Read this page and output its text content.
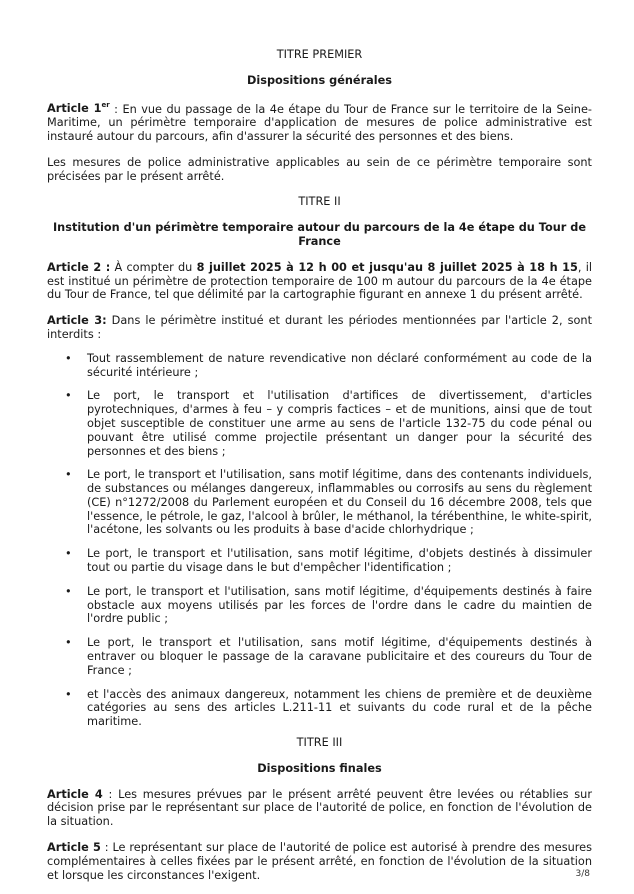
TITRE PREMIER
Dispositions générales

Article 1er : En vue du passage de la 4e étape du Tour de France sur le territoire de la Seine-Maritime, un périmètre temporaire d'application de mesures de police administrative est instauré autour du parcours, afin d'assurer la sécurité des personnes et des biens.

Les mesures de police administrative applicables au sein de ce périmètre temporaire sont précisées par le présent arrêté.

TITRE II
Institution d'un périmètre temporaire autour du parcours de la 4e étape du Tour de France

Article 2 : À compter du 8 juillet 2025 à 12 h 00 et jusqu'au 8 juillet 2025 à 18 h 15, il est institué un périmètre de protection temporaire de 100 m autour du parcours de la 4e étape du Tour de France, tel que délimité par la cartographie figurant en annexe 1 du présent arrêté.

Article 3: Dans le périmètre institué et durant les périodes mentionnées par l'article 2, sont interdits :

• Tout rassemblement de nature revendicative non déclaré conformément au code de la sécurité intérieure ;
• Le port, le transport et l'utilisation d'artifices de divertissement, d'articles pyrotechniques, d'armes à feu – y compris factices – et de munitions, ainsi que de tout objet susceptible de constituer une arme au sens de l'article 132-75 du code pénal ou pouvant être utilisé comme projectile présentant un danger pour la sécurité des personnes et des biens ;
• Le port, le transport et l'utilisation, sans motif légitime, dans des contenants individuels, de substances ou mélanges dangereux, inflammables ou corrosifs au sens du règlement (CE) n°1272/2008 du Parlement européen et du Conseil du 16 décembre 2008, tels que l'essence, le pétrole, le gaz, l'alcool à brûler, le méthanol, la térébenthine, le white-spirit, l'acétone, les solvants ou les produits à base d'acide chlorhydrique ;
• Le port, le transport et l'utilisation, sans motif légitime, d'objets destinés à dissimuler tout ou partie du visage dans le but d'empêcher l'identification ;
• Le port, le transport et l'utilisation, sans motif légitime, d'équipements destinés à faire obstacle aux moyens utilisés par les forces de l'ordre dans le cadre du maintien de l'ordre public ;
• Le port, le transport et l'utilisation, sans motif légitime, d'équipements destinés à entraver ou bloquer le passage de la caravane publicitaire et des coureurs du Tour de France ;
• et l'accès des animaux dangereux, notamment les chiens de première et de deuxième catégories au sens des articles L.211-11 et suivants du code rural et de la pêche maritime.
TITRE III
Dispositions finales

Article 4 : Les mesures prévues par le présent arrêté peuvent être levées ou rétablies sur décision prise par le représentant sur place de l'autorité de police, en fonction de l'évolution de la situation.

Article 5 : Le représentant sur place de l'autorité de police est autorisé à prendre des mesures complémentaires à celles fixées par le présent arrêté, en fonction de l'évolution de la situation et lorsque les circonstances l'exigent.	3/8
